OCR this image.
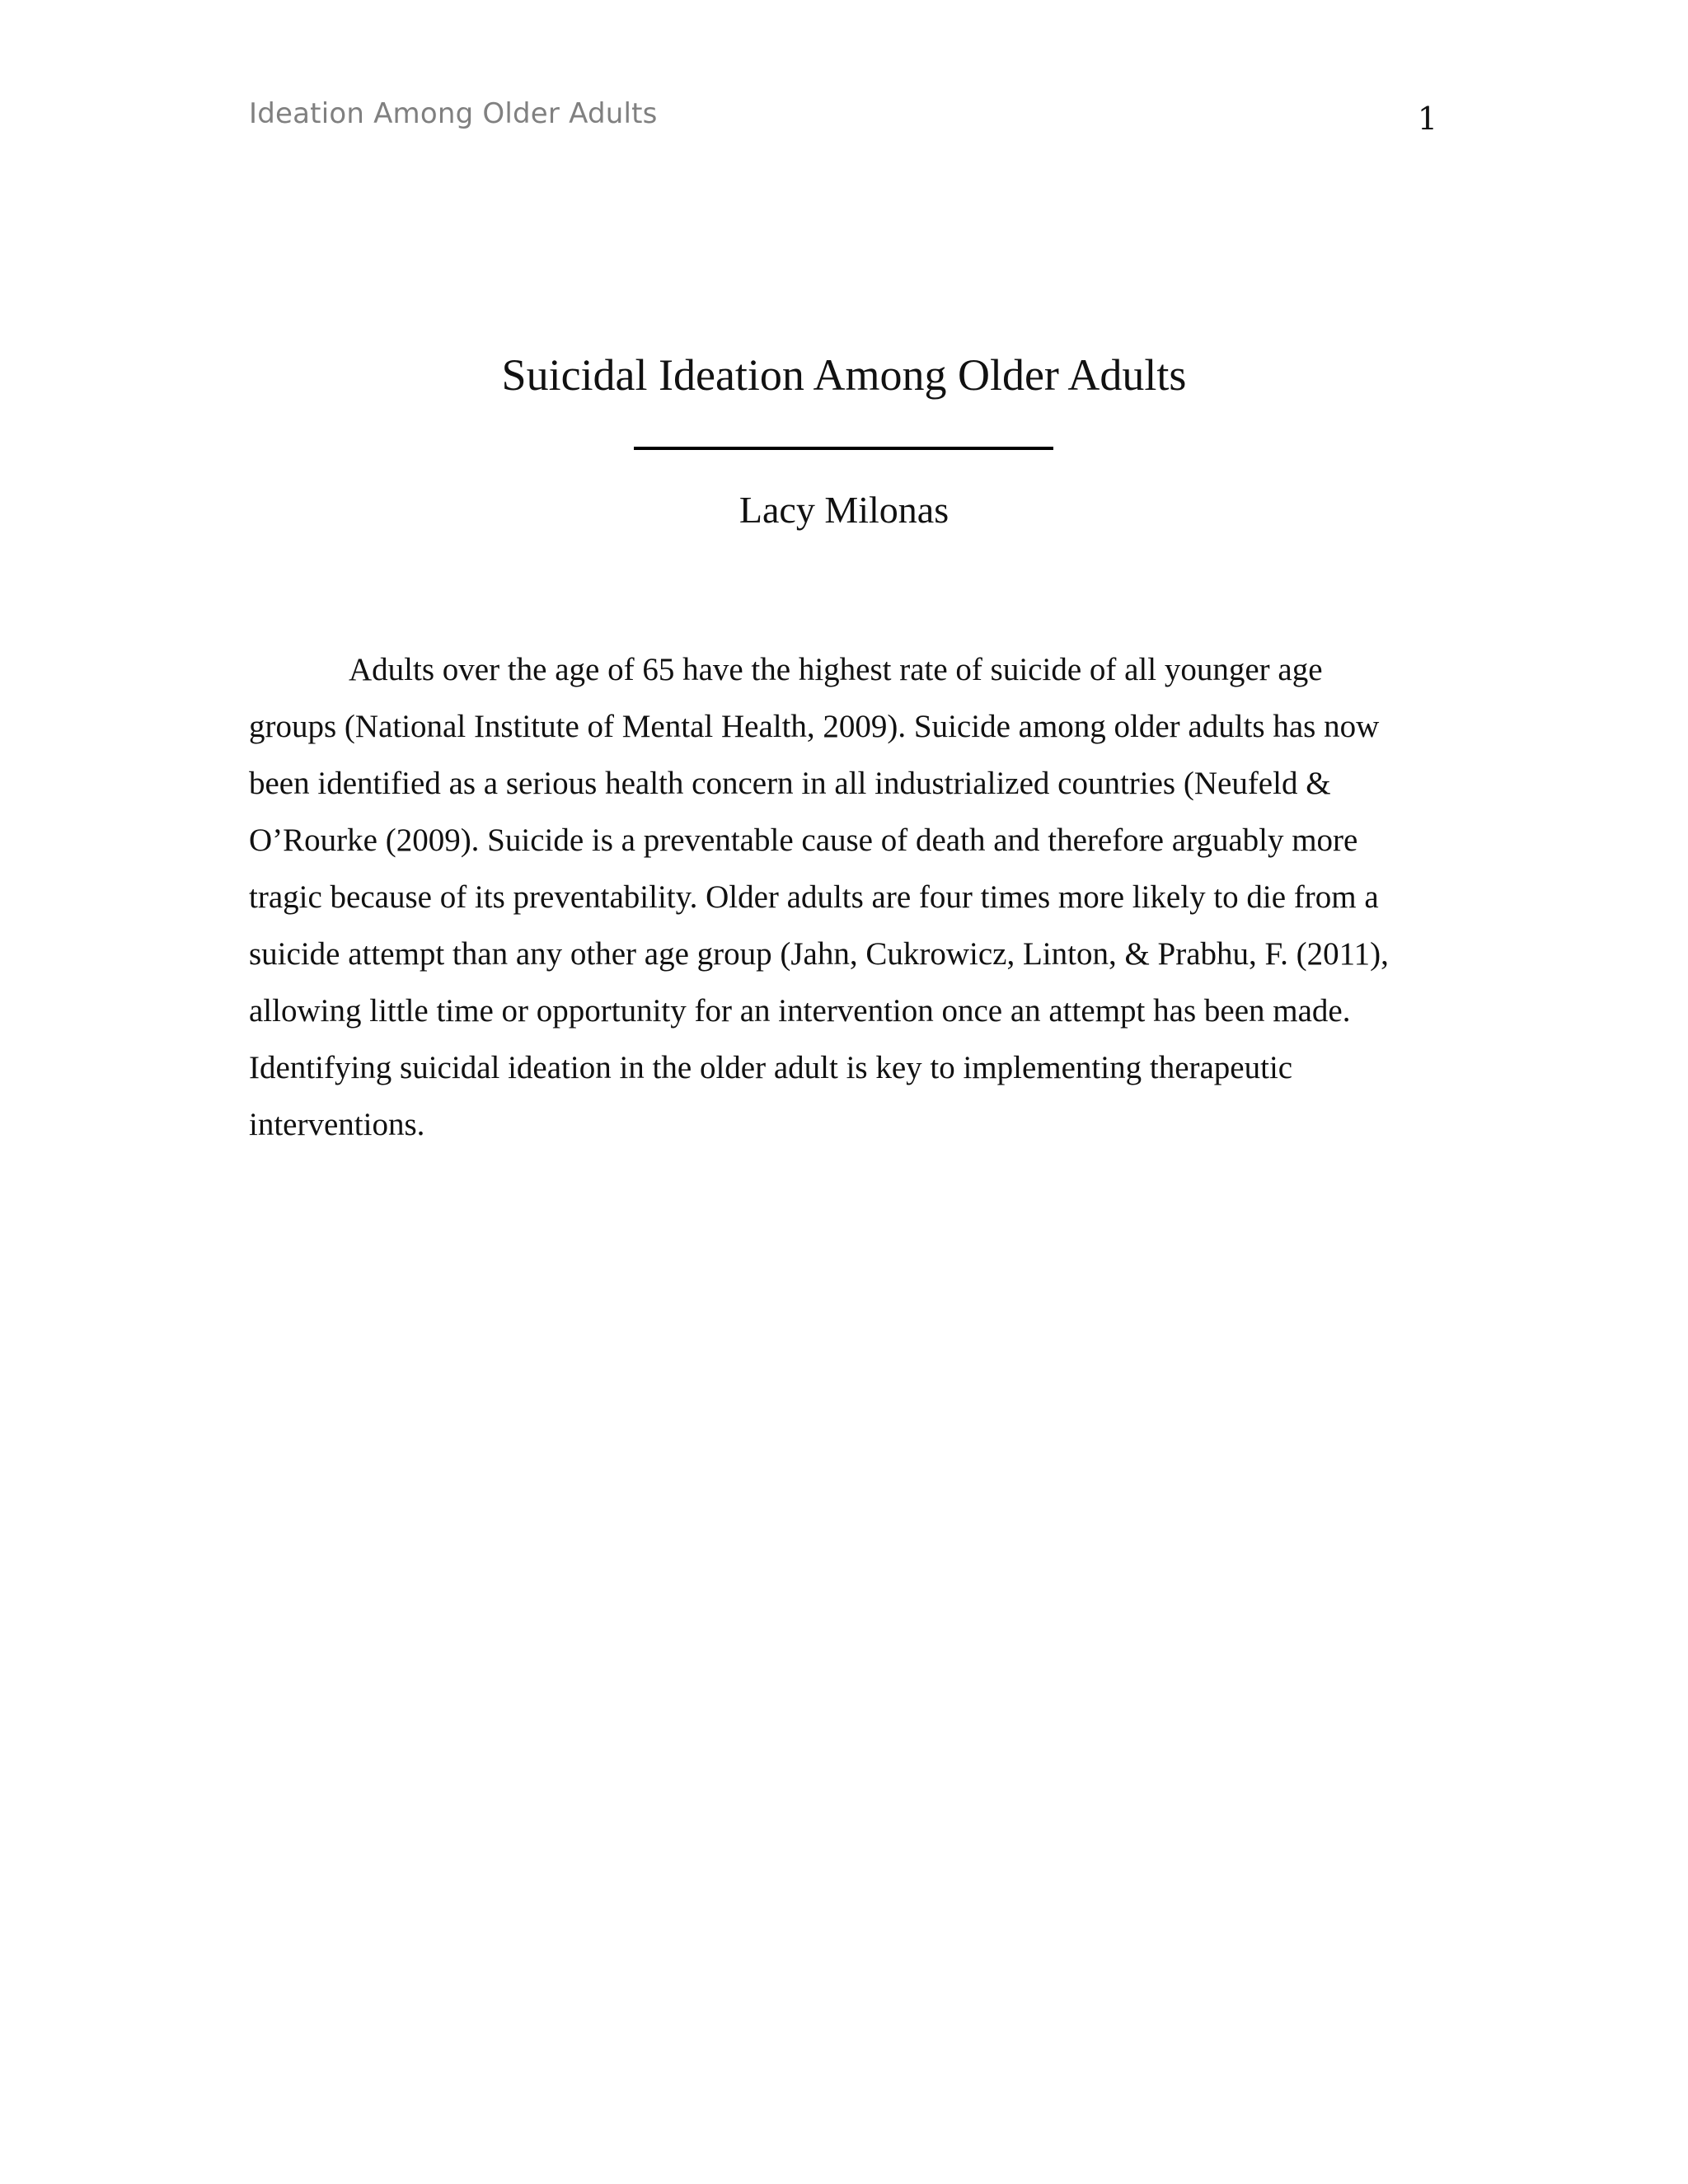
Ideation Among Older Adults	1
Suicidal Ideation Among Older Adults
Lacy Milonas
Adults over the age of 65 have the highest rate of suicide of all younger age
groups (National Institute of Mental Health, 2009). Suicide among older adults has now
been identified as a serious health concern in all industrialized countries (Neufeld &
O’Rourke (2009). Suicide is a preventable cause of death and therefore arguably more
tragic because of its preventability. Older adults are four times more likely to die from a
suicide attempt than any other age group (Jahn, Cukrowicz, Linton, & Prabhu, F. (2011),
allowing little time or opportunity for an intervention once an attempt has been made.
Identifying suicidal ideation in the older adult is key to implementing therapeutic
interventions.
